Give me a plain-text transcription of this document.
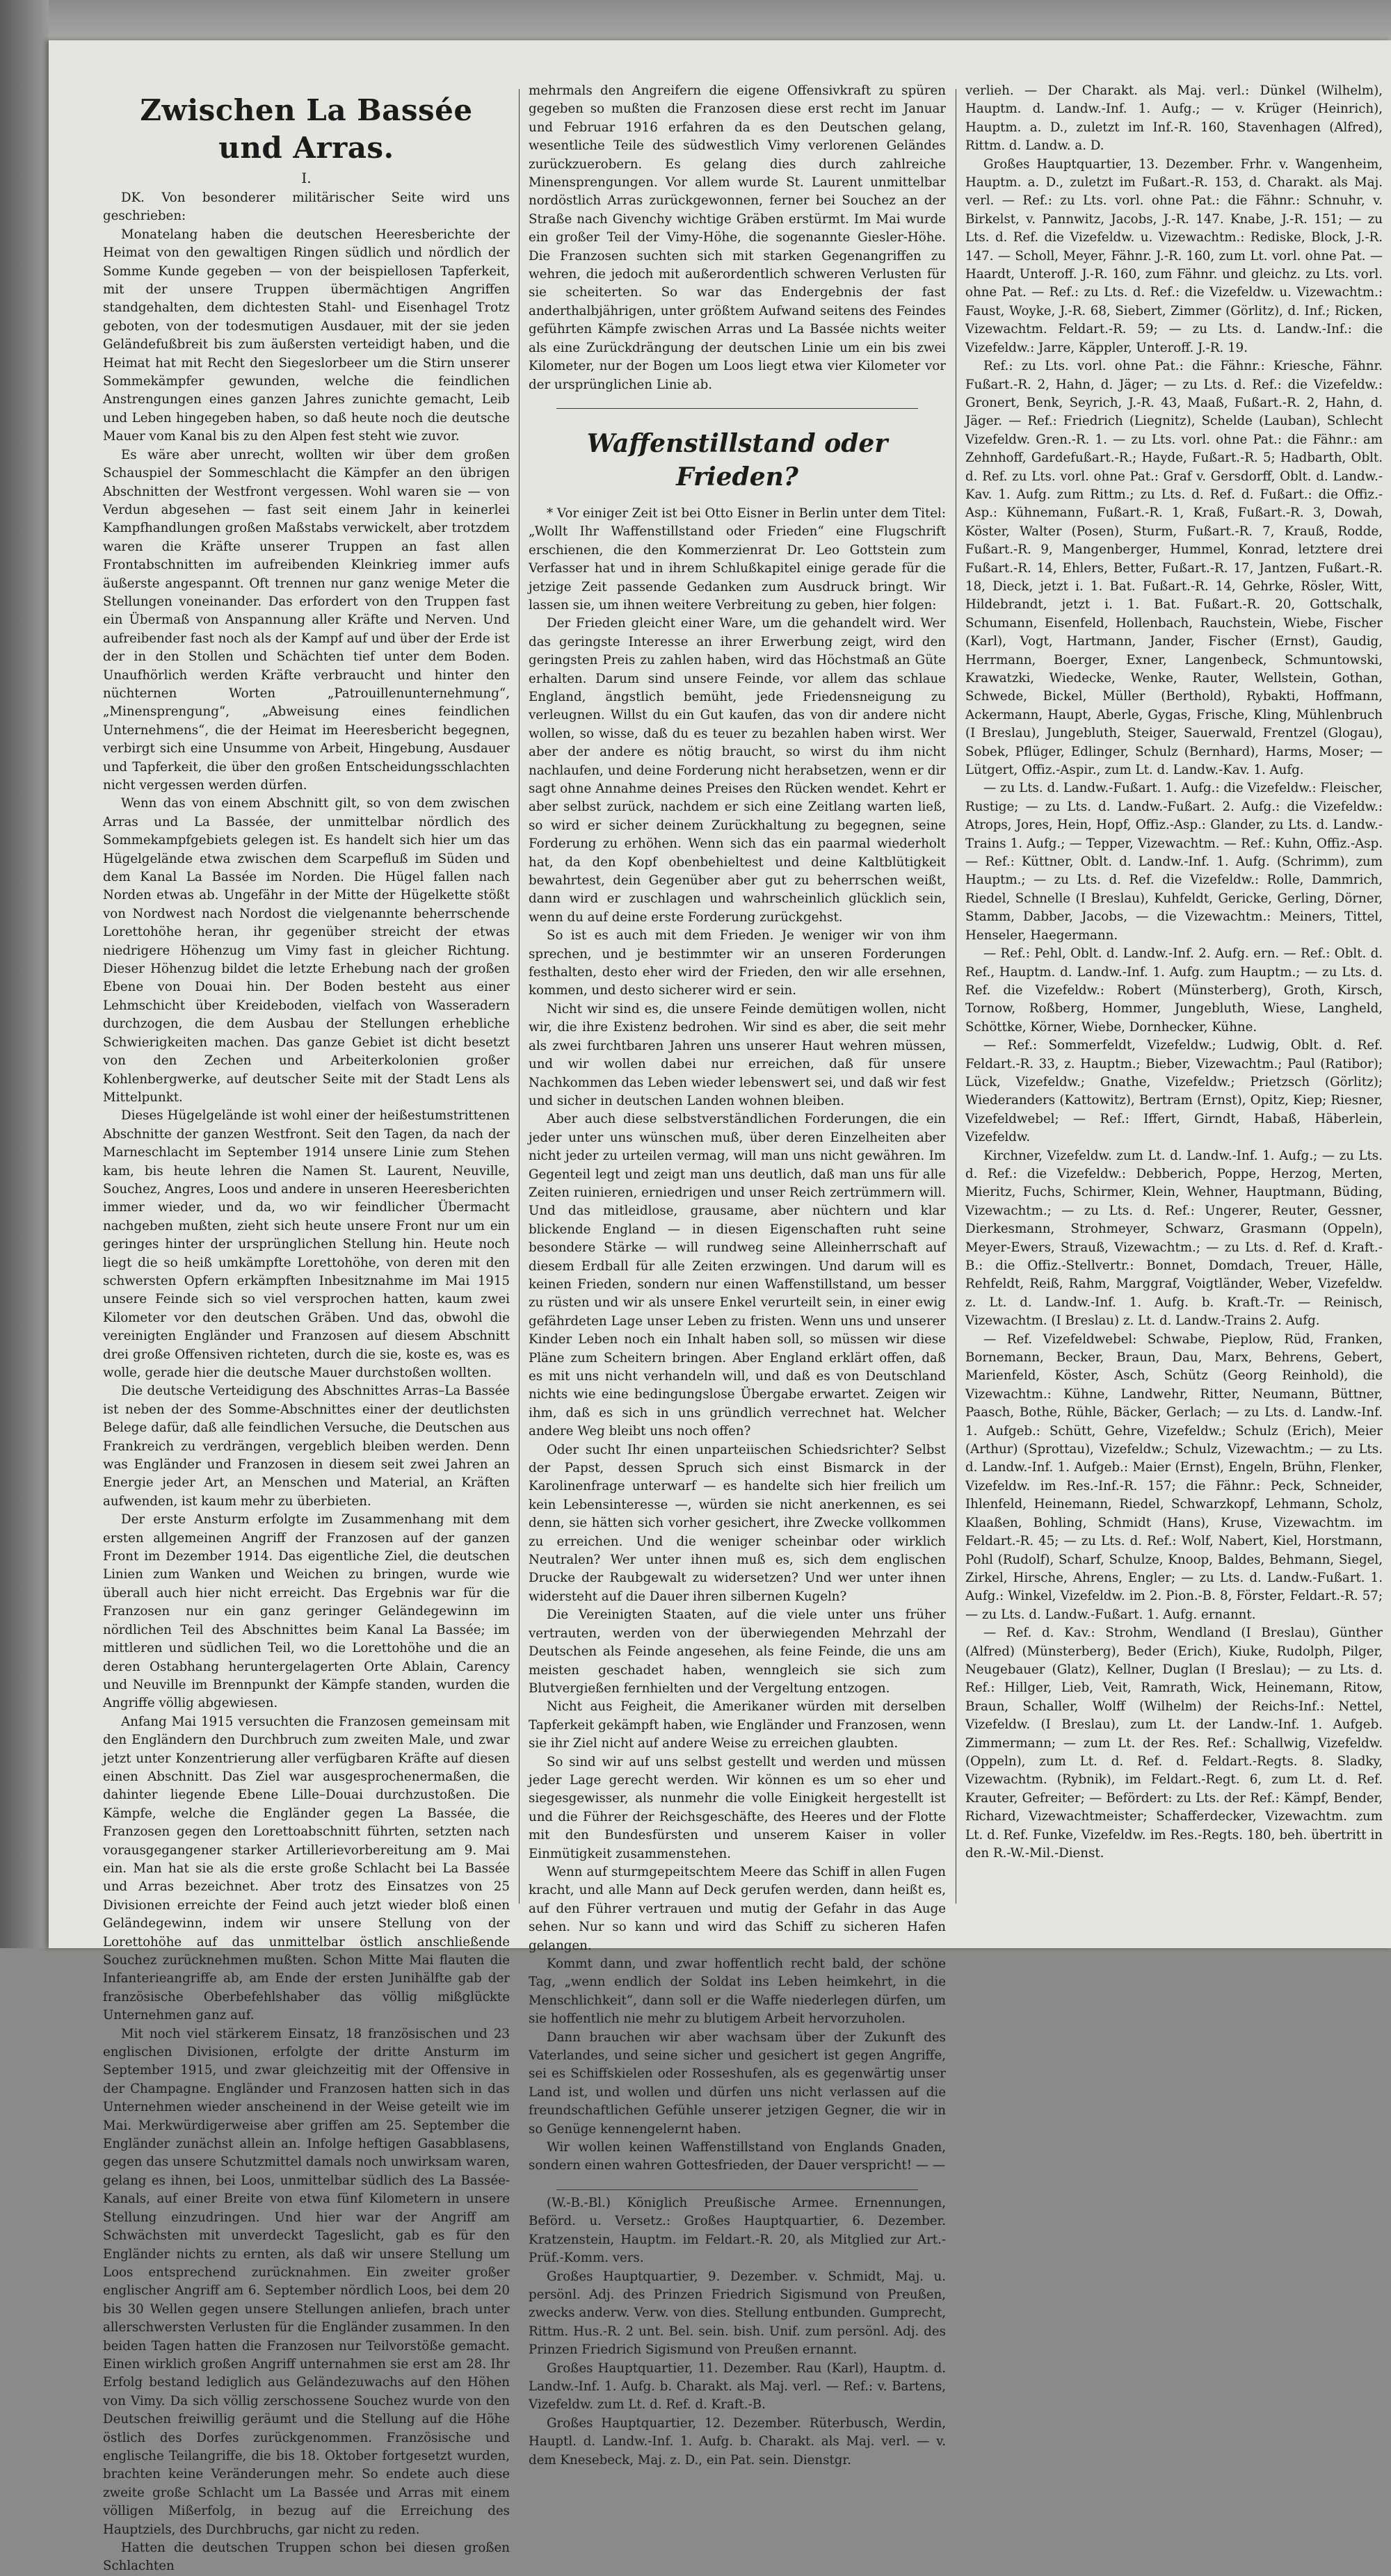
Zwischen La Bassée und Arras.
I.

DK. Von besonderer militärischer Seite wird uns geschrieben:

Monatelang haben die deutschen Heeresberichte der Heimat von den gewaltigen Ringen südlich und nördlich der Somme Kunde gegeben — von der beispiellosen Tapferkeit, mit der unsere Truppen übermächtigen Angriffen standgehalten, dem dichtesten Stahl- und Eisenhagel Trotz geboten, von der todesmutigen Ausdauer, mit der sie jeden Geländefußbreit bis zum äußersten verteidigt haben, und die Heimat hat mit Recht den Siegeslorbeer um die Stirn unserer Sommekämpfer gewunden, welche die feindlichen Anstrengungen eines ganzen Jahres zunichte gemacht, Leib und Leben hingegeben haben, so daß heute noch die deutsche Mauer vom Kanal bis zu den Alpen fest steht wie zuvor.

Es wäre aber unrecht, wollten wir über dem großen Schauspiel der Sommeschlacht die Kämpfer an den übrigen Abschnitten der Westfront vergessen. Wohl waren sie — von Verdun abgesehen — fast seit einem Jahr in keinerlei Kampfhandlungen großen Maßstabs verwickelt, aber trotzdem waren die Kräfte unserer Truppen an fast allen Frontabschnitten im aufreibenden Kleinkrieg immer aufs äußerste angespannt. Oft trennen nur ganz wenige Meter die Stellungen voneinander. Das erfordert von den Truppen fast ein Übermaß von Anspannung aller Kräfte und Nerven. Und aufreibender fast noch als der Kampf auf und über der Erde ist der in den Stollen und Schächten tief unter dem Boden. Unaufhörlich werden Kräfte verbraucht und hinter den nüchternen Worten „Patrouillenunternehmung“, „Minensprengung“, „Abweisung eines feindlichen Unternehmens“, die der Heimat im Heeresbericht begegnen, verbirgt sich eine Unsumme von Arbeit, Hingebung, Ausdauer und Tapferkeit, die über den großen Entscheidungsschlachten nicht vergessen werden dürfen.

Wenn das von einem Abschnitt gilt, so von dem zwischen Arras und La Bassée, der unmittelbar nördlich des Sommekampfgebiets gelegen ist. Es handelt sich hier um das Hügelgelände etwa zwischen dem Scarpefluß im Süden und dem Kanal La Bassée im Norden. Die Hügel fallen nach Norden etwas ab. Ungefähr in der Mitte der Hügelkette stößt von Nordwest nach Nordost die vielgenannte beherrschende Lorettohöhe heran, ihr gegenüber streicht der etwas niedrigere Höhenzug um Vimy fast in gleicher Richtung. Dieser Höhenzug bildet die letzte Erhebung nach der großen Ebene von Douai hin. Der Boden besteht aus einer Lehmschicht über Kreideboden, vielfach von Wasseradern durchzogen, die dem Ausbau der Stellungen erhebliche Schwierigkeiten machen. Das ganze Gebiet ist dicht besetzt von den Zechen und Arbeiterkolonien großer Kohlenbergwerke, auf deutscher Seite mit der Stadt Lens als Mittelpunkt.

Dieses Hügelgelände ist wohl einer der heißestumstrittenen Abschnitte der ganzen Westfront. Seit den Tagen, da nach der Marneschlacht im September 1914 unsere Linie zum Stehen kam, bis heute lehren die Namen St. Laurent, Neuville, Souchez, Angres, Loos und andere in unseren Heeresberichten immer wieder, und da, wo wir feindlicher Übermacht nachgeben mußten, zieht sich heute unsere Front nur um ein geringes hinter der ursprünglichen Stellung hin. Heute noch liegt die so heiß umkämpfte Lorettohöhe, von deren mit den schwersten Opfern erkämpften Inbesitznahme im Mai 1915 unsere Feinde sich so viel versprochen hatten, kaum zwei Kilometer vor den deutschen Gräben. Und das, obwohl die vereinigten Engländer und Franzosen auf diesem Abschnitt drei große Offensiven richteten, durch die sie, koste es, was es wolle, gerade hier die deutsche Mauer durchstoßen wollten.

Die deutsche Verteidigung des Abschnittes Arras–La Bassée ist neben der des Somme-Abschnittes einer der deutlichsten Belege dafür, daß alle feindlichen Versuche, die Deutschen aus Frankreich zu verdrängen, vergeblich bleiben werden. Denn was Engländer und Franzosen in diesem seit zwei Jahren an Energie jeder Art, an Menschen und Material, an Kräften aufwenden, ist kaum mehr zu überbieten.

Der erste Ansturm erfolgte im Zusammenhang mit dem ersten allgemeinen Angriff der Franzosen auf der ganzen Front im Dezember 1914. Das eigentliche Ziel, die deutschen Linien zum Wanken und Weichen zu bringen, wurde wie überall auch hier nicht erreicht. Das Ergebnis war für die Franzosen nur ein ganz geringer Geländegewinn im nördlichen Teil des Abschnittes beim Kanal La Bassée; im mittleren und südlichen Teil, wo die Lorettohöhe und die an deren Ostabhang heruntergelagerten Orte Ablain, Carency und Neuville im Brennpunkt der Kämpfe standen, wurden die Angriffe völlig abgewiesen.

Anfang Mai 1915 versuchten die Franzosen gemeinsam mit den Engländern den Durchbruch zum zweiten Male, und zwar jetzt unter Konzentrierung aller verfügbaren Kräfte auf diesen einen Abschnitt. Das Ziel war ausgesprochenermaßen, die dahinter liegende Ebene Lille–Douai durchzustoßen. Die Kämpfe, welche die Engländer gegen La Bassée, die Franzosen gegen den Lorettoabschnitt führten, setzten nach vorausgegangener starker Artillerievorbereitung am 9. Mai ein. Man hat sie als die erste große Schlacht bei La Bassée und Arras bezeichnet. Aber trotz des Einsatzes von 25 Divisionen erreichte der Feind auch jetzt wieder bloß einen Geländegewinn, indem wir unsere Stellung von der Lorettohöhe auf das unmittelbar östlich anschließende Souchez zurücknehmen mußten. Schon Mitte Mai flauten die Infanterieangriffe ab, am Ende der ersten Junihälfte gab der französische Oberbefehlshaber das völlig mißglückte Unternehmen ganz auf.

Mit noch viel stärkerem Einsatz, 18 französischen und 23 englischen Divisionen, erfolgte der dritte Ansturm im September 1915, und zwar gleichzeitig mit der Offensive in der Champagne. Engländer und Franzosen hatten sich in das Unternehmen wieder anscheinend in der Weise geteilt wie im Mai. Merkwürdigerweise aber griffen am 25. September die Engländer zunächst allein an. Infolge heftigen Gasabblasens, gegen das unsere Schutzmittel damals noch unwirksam waren, gelang es ihnen, bei Loos, unmittelbar südlich des La Bassée-Kanals, auf einer Breite von etwa fünf Kilometern in unsere Stellung einzudringen. Und hier war der Angriff am Schwächsten mit unverdeckt Tageslicht, gab es für den Engländer nichts zu ernten, als daß wir unsere Stellung um Loos entsprechend zurücknahmen. Ein zweiter großer englischer Angriff am 6. September nördlich Loos, bei dem 20 bis 30 Wellen gegen unsere Stellungen anliefen, brach unter allerschwersten Verlusten für die Engländer zusammen. In den beiden Tagen hatten die Franzosen nur Teilvorstöße gemacht. Einen wirklich großen Angriff unternahmen sie erst am 28. Ihr Erfolg bestand lediglich aus Geländezuwachs auf den Höhen von Vimy. Da sich völlig zerschossene Souchez wurde von den Deutschen freiwillig geräumt und die Stellung auf die Höhe östlich des Dorfes zurückgenommen. Französische und englische Teilangriffe, die bis 18. Oktober fortgesetzt wurden, brachten keine Veränderungen mehr. So endete auch diese zweite große Schlacht um La Bassée und Arras mit einem völligen Mißerfolg, in bezug auf die Erreichung des Hauptziels, des Durchbruchs, gar nicht zu reden.

Hatten die deutschen Truppen schon bei diesen großen Schlachten

mehrmals den Angreifern die eigene Offensivkraft zu spüren gegeben so mußten die Franzosen diese erst recht im Januar und Februar 1916 erfahren da es den Deutschen gelang, wesentliche Teile des südwestlich Vimy verlorenen Geländes zurückzuerobern. Es gelang dies durch zahlreiche Minensprengungen. Vor allem wurde St. Laurent unmittelbar nordöstlich Arras zurückgewonnen, ferner bei Souchez an der Straße nach Givenchy wichtige Gräben erstürmt. Im Mai wurde ein großer Teil der Vimy-Höhe, die sogenannte Giesler-Höhe. Die Franzosen suchten sich mit starken Gegenangriffen zu wehren, die jedoch mit außerordentlich schweren Verlusten für sie scheiterten. So war das Endergebnis der fast anderthalbjährigen, unter größtem Aufwand seitens des Feindes geführten Kämpfe zwischen Arras und La Bassée nichts weiter als eine Zurückdrängung der deutschen Linie um ein bis zwei Kilometer, nur der Bogen um Loos liegt etwa vier Kilometer vor der ursprünglichen Linie ab.

Waffenstillstand oder Frieden?

* Vor einiger Zeit ist bei Otto Eisner in Berlin unter dem Titel: „Wollt Ihr Waffenstillstand oder Frieden“ eine Flugschrift erschienen, die den Kommerzienrat Dr. Leo Gottstein zum Verfasser hat und in ihrem Schlußkapitel einige gerade für die jetzige Zeit passende Gedanken zum Ausdruck bringt. Wir lassen sie, um ihnen weitere Verbreitung zu geben, hier folgen:

Der Frieden gleicht einer Ware, um die gehandelt wird. Wer das geringste Interesse an ihrer Erwerbung zeigt, wird den geringsten Preis zu zahlen haben, wird das Höchstmaß an Güte erhalten. Darum sind unsere Feinde, vor allem das schlaue England, ängstlich bemüht, jede Friedensneigung zu verleugnen. Willst du ein Gut kaufen, das von dir andere nicht wollen, so wisse, daß du es teuer zu bezahlen haben wirst. Wer aber der andere es nötig braucht, so wirst du ihm nicht nachlaufen, und deine Forderung nicht herabsetzen, wenn er dir sagt ohne Annahme deines Preises den Rücken wendet. Kehrt er aber selbst zurück, nachdem er sich eine Zeitlang warten ließ, so wird er sicher deinem Zurückhaltung zu begegnen, seine Forderung zu erhöhen. Wenn sich das ein paarmal wiederholt hat, da den Kopf obenbehieltest und deine Kaltblütigkeit bewahrtest, dein Gegenüber aber gut zu beherrschen weißt, dann wird er zuschlagen und wahrscheinlich glücklich sein, wenn du auf deine erste Forderung zurückgehst.

So ist es auch mit dem Frieden. Je weniger wir von ihm sprechen, und je bestimmter wir an unseren Forderungen festhalten, desto eher wird der Frieden, den wir alle ersehnen, kommen, und desto sicherer wird er sein.

Nicht wir sind es, die unsere Feinde demütigen wollen, nicht wir, die ihre Existenz bedrohen. Wir sind es aber, die seit mehr als zwei furchtbaren Jahren uns unserer Haut wehren müssen, und wir wollen dabei nur erreichen, daß für unsere Nachkommen das Leben wieder lebenswert sei, und daß wir fest und sicher in deutschen Landen wohnen bleiben.

Aber auch diese selbstverständlichen Forderungen, die ein jeder unter uns wünschen muß, über deren Einzelheiten aber nicht jeder zu urteilen vermag, will man uns nicht gewähren. Im Gegenteil legt und zeigt man uns deutlich, daß man uns für alle Zeiten ruinieren, erniedrigen und unser Reich zertrümmern will. Und das mitleidlose, grausame, aber nüchtern und klar blickende England — in diesen Eigenschaften ruht seine besondere Stärke — will rundweg seine Alleinherrschaft auf diesem Erdball für alle Zeiten erzwingen. Und darum will es keinen Frieden, sondern nur einen Waffenstillstand, um besser zu rüsten und wir als unsere Enkel verurteilt sein, in einer ewig gefährdeten Lage unser Leben zu fristen. Wenn uns und unserer Kinder Leben noch ein Inhalt haben soll, so müssen wir diese Pläne zum Scheitern bringen. Aber England erklärt offen, daß es mit uns nicht verhandeln will, und daß es von Deutschland nichts wie eine bedingungslose Übergabe erwartet. Zeigen wir ihm, daß es sich in uns gründlich verrechnet hat. Welcher andere Weg bleibt uns noch offen?

Oder sucht Ihr einen unparteiischen Schiedsrichter? Selbst der Papst, dessen Spruch sich einst Bismarck in der Karolinenfrage unterwarf — es handelte sich hier freilich um kein Lebensinteresse —, würden sie nicht anerkennen, es sei denn, sie hätten sich vorher gesichert, ihre Zwecke vollkommen zu erreichen. Und die weniger scheinbar oder wirklich Neutralen? Wer unter ihnen muß es, sich dem englischen Drucke der Raubgewalt zu widersetzen? Und wer unter ihnen widersteht auf die Dauer ihren silbernen Kugeln?

Die Vereinigten Staaten, auf die viele unter uns früher vertrauten, werden von der überwiegenden Mehrzahl der Deutschen als Feinde angesehen, als feine Feinde, die uns am meisten geschadet haben, wenngleich sie sich zum Blutvergießen fernhielten und der Vergeltung entzogen.

Nicht aus Feigheit, die Amerikaner würden mit derselben Tapferkeit gekämpft haben, wie Engländer und Franzosen, wenn sie ihr Ziel nicht auf andere Weise zu erreichen glaubten.

So sind wir auf uns selbst gestellt und werden und müssen jeder Lage gerecht werden. Wir können es um so eher und siegesgewisser, als nunmehr die volle Einigkeit hergestellt ist und die Führer der Reichsgeschäfte, des Heeres und der Flotte mit den Bundesfürsten und unserem Kaiser in voller Einmütigkeit zusammenstehen.

Wenn auf sturmgepeitschtem Meere das Schiff in allen Fugen kracht, und alle Mann auf Deck gerufen werden, dann heißt es, auf den Führer vertrauen und mutig der Gefahr in das Auge sehen. Nur so kann und wird das Schiff zu sicheren Hafen gelangen.

Kommt dann, und zwar hoffentlich recht bald, der schöne Tag, „wenn endlich der Soldat ins Leben heimkehrt, in die Menschlichkeit“, dann soll er die Waffe niederlegen dürfen, um sie hoffentlich nie mehr zu blutigem Arbeit hervorzuholen.

Dann brauchen wir aber wachsam über der Zukunft des Vaterlandes, und seine sicher und gesichert ist gegen Angriffe, sei es Schiffskielen oder Rosseshufen, als es gegenwärtig unser Land ist, und wollen und dürfen uns nicht verlassen auf die freundschaftlichen Gefühle unserer jetzigen Gegner, die wir in so Genüge kennengelernt haben.

Wir wollen keinen Waffenstillstand von Englands Gnaden, sondern einen wahren Gottesfrieden, der Dauer verspricht! — —

(W.-B.-Bl.) Königlich Preußische Armee. Ernennungen, Beförd. u. Versetz.: Großes Hauptquartier, 6. Dezember. Kratzenstein, Hauptm. im Feldart.-R. 20, als Mitglied zur Art.-Prüf.-Komm. vers.

Großes Hauptquartier, 9. Dezember. v. Schmidt, Maj. u. persönl. Adj. des Prinzen Friedrich Sigismund von Preußen, zwecks anderw. Verw. von dies. Stellung entbunden. Gumprecht, Rittm. Hus.-R. 2 unt. Bel. sein. bish. Unif. zum persönl. Adj. des Prinzen Friedrich Sigismund von Preußen ernannt.

Großes Hauptquartier, 11. Dezember. Rau (Karl), Hauptm. d. Landw.-Inf. 1. Aufg. b. Charakt. als Maj. verl. — Ref.: v. Bartens, Vizefeldw. zum Lt. d. Ref. d. Kraft.-B.

Großes Hauptquartier, 12. Dezember. Rüterbusch, Werdin, Hauptl. d. Landw.-Inf. 1. Aufg. b. Charakt. als Maj. verl. — v. dem Knesebeck, Maj. z. D., ein Pat. sein. Dienstgr.

verlieh. — Der Charakt. als Maj. verl.: Dünkel (Wilhelm), Hauptm. d. Landw.-Inf. 1. Aufg.; — v. Krüger (Heinrich), Hauptm. a. D., zuletzt im Inf.-R. 160, Stavenhagen (Alfred), Rittm. d. Landw. a. D.

Großes Hauptquartier, 13. Dezember. Frhr. v. Wangenheim, Hauptm. a. D., zuletzt im Fußart.-R. 153, d. Charakt. als Maj. verl. — Ref.: zu Lts. vorl. ohne Pat.: die Fähnr.: Schnuhr, v. Birkelst, v. Pannwitz, Jacobs, J.-R. 147. Knabe, J.-R. 151; — zu Lts. d. Ref. die Vizefeldw. u. Vizewachtm.: Rediske, Block, J.-R. 147. — Scholl, Meyer, Fähnr. J.-R. 160, zum Lt. vorl. ohne Pat. — Haardt, Unteroff. J.-R. 160, zum Fähnr. und gleichz. zu Lts. vorl. ohne Pat. — Ref.: zu Lts. d. Ref.: die Vizefeldw. u. Vizewachtm.: Faust, Woyke, J.-R. 68, Siebert, Zimmer (Görlitz), d. Inf.; Ricken, Vizewachtm. Feldart.-R. 59; — zu Lts. d. Landw.-Inf.: die Vizefeldw.: Jarre, Käppler, Unteroff. J.-R. 19.

Ref.: zu Lts. vorl. ohne Pat.: die Fähnr.: Kriesche, Fähnr. Fußart.-R. 2, Hahn, d. Jäger; — zu Lts. d. Ref.: die Vizefeldw.: Gronert, Benk, Seyrich, J.-R. 43, Maaß, Fußart.-R. 2, Hahn, d. Jäger. — Ref.: Friedrich (Liegnitz), Schelde (Lauban), Schlecht Vizefeldw. Gren.-R. 1. — zu Lts. vorl. ohne Pat.: die Fähnr.: am Zehnhoff, Gardefußart.-R.; Hayde, Fußart.-R. 5; Hadbarth, Oblt. d. Ref. zu Lts. vorl. ohne Pat.: Graf v. Gersdorff, Oblt. d. Landw.-Kav. 1. Aufg. zum Rittm.; zu Lts. d. Ref. d. Fußart.: die Offiz.-Asp.: Kühnemann, Fußart.-R. 1, Kraß, Fußart.-R. 3, Dowah, Köster, Walter (Posen), Sturm, Fußart.-R. 7, Krauß, Rodde, Fußart.-R. 9, Mangenberger, Hummel, Konrad, letztere drei Fußart.-R. 14, Ehlers, Better, Fußart.-R. 17, Jantzen, Fußart.-R. 18, Dieck, jetzt i. 1. Bat. Fußart.-R. 14, Gehrke, Rösler, Witt, Hildebrandt, jetzt i. 1. Bat. Fußart.-R. 20, Gottschalk, Schumann, Eisenfeld, Hollenbach, Rauchstein, Wiebe, Fischer (Karl), Vogt, Hartmann, Jander, Fischer (Ernst), Gaudig, Herrmann, Boerger, Exner, Langenbeck, Schmuntowski, Krawatzki, Wiedecke, Wenke, Rauter, Wellstein, Gothan, Schwede, Bickel, Müller (Berthold), Rybakti, Hoffmann, Ackermann, Haupt, Aberle, Gygas, Frische, Kling, Mühlenbruch (I Breslau), Jungebluth, Steiger, Sauerwald, Frentzel (Glogau), Sobek, Pflüger, Edlinger, Schulz (Bernhard), Harms, Moser; — Lütgert, Offiz.-Aspir., zum Lt. d. Landw.-Kav. 1. Aufg.

— zu Lts. d. Landw.-Fußart. 1. Aufg.: die Vizefeldw.: Fleischer, Rustige; — zu Lts. d. Landw.-Fußart. 2. Aufg.: die Vizefeldw.: Atrops, Jores, Hein, Hopf, Offiz.-Asp.: Glander, zu Lts. d. Landw.-Trains 1. Aufg.; — Tepper, Vizewachtm. — Ref.: Kuhn, Offiz.-Asp. — Ref.: Küttner, Oblt. d. Landw.-Inf. 1. Aufg. (Schrimm), zum Hauptm.; — zu Lts. d. Ref. die Vizefeldw.: Rolle, Dammrich, Riedel, Schnelle (I Breslau), Kuhfeldt, Gericke, Gerling, Dörner, Stamm, Dabber, Jacobs, — die Vizewachtm.: Meiners, Tittel, Henseler, Haegermann.

— Ref.: Pehl, Oblt. d. Landw.-Inf. 2. Aufg. ern. — Ref.: Oblt. d. Ref., Hauptm. d. Landw.-Inf. 1. Aufg. zum Hauptm.; — zu Lts. d. Ref. die Vizefeldw.: Robert (Münsterberg), Groth, Kirsch, Tornow, Roßberg, Hommer, Jungebluth, Wiese, Langheld, Schöttke, Körner, Wiebe, Dornhecker, Kühne.

— Ref.: Sommerfeldt, Vizefeldw.; Ludwig, Oblt. d. Ref. Feldart.-R. 33, z. Hauptm.; Bieber, Vizewachtm.; Paul (Ratibor); Lück, Vizefeldw.; Gnathe, Vizefeldw.; Prietzsch (Görlitz); Wiederanders (Kattowitz), Bertram (Ernst), Opitz, Kiep; Riesner, Vizefeldwebel; — Ref.: Iffert, Girndt, Habaß, Häberlein, Vizefeldw.

Kirchner, Vizefeldw. zum Lt. d. Landw.-Inf. 1. Aufg.; — zu Lts. d. Ref.: die Vizefeldw.: Debberich, Poppe, Herzog, Merten, Mieritz, Fuchs, Schirmer, Klein, Wehner, Hauptmann, Büding, Vizewachtm.; — zu Lts. d. Ref.: Ungerer, Reuter, Gessner, Dierkesmann, Strohmeyer, Schwarz, Grasmann (Oppeln), Meyer-Ewers, Strauß, Vizewachtm.; — zu Lts. d. Ref. d. Kraft.-B.: die Offiz.-Stellvertr.: Bonnet, Domdach, Treuer, Hälle, Rehfeldt, Reiß, Rahm, Marggraf, Voigtländer, Weber, Vizefeldw. z. Lt. d. Landw.-Inf. 1. Aufg. b. Kraft.-Tr. — Reinisch, Vizewachtm. (I Breslau) z. Lt. d. Landw.-Trains 2. Aufg.

— Ref. Vizefeldwebel: Schwabe, Pieplow, Rüd, Franken, Bornemann, Becker, Braun, Dau, Marx, Behrens, Gebert, Marienfeld, Köster, Asch, Schütz (Georg Reinhold), die Vizewachtm.: Kühne, Landwehr, Ritter, Neumann, Büttner, Paasch, Bothe, Rühle, Bäcker, Gerlach; — zu Lts. d. Landw.-Inf. 1. Aufgeb.: Schütt, Gehre, Vizefeldw.; Schulz (Erich), Meier (Arthur) (Sprottau), Vizefeldw.; Schulz, Vizewachtm.; — zu Lts. d. Landw.-Inf. 1. Aufgeb.: Maier (Ernst), Engeln, Brühn, Flenker, Vizefeldw. im Res.-Inf.-R. 157; die Fähnr.: Peck, Schneider, Ihlenfeld, Heinemann, Riedel, Schwarzkopf, Lehmann, Scholz, Klaaßen, Bohling, Schmidt (Hans), Kruse, Vizewachtm. im Feldart.-R. 45; — zu Lts. d. Ref.: Wolf, Nabert, Kiel, Horstmann, Pohl (Rudolf), Scharf, Schulze, Knoop, Baldes, Behmann, Siegel, Zirkel, Hirsche, Ahrens, Engler; — zu Lts. d. Landw.-Fußart. 1. Aufg.: Winkel, Vizefeldw. im 2. Pion.-B. 8, Förster, Feldart.-R. 57; — zu Lts. d. Landw.-Fußart. 1. Aufg. ernannt.

— Ref. d. Kav.: Strohm, Wendland (I Breslau), Günther (Alfred) (Münsterberg), Beder (Erich), Kiuke, Rudolph, Pilger, Neugebauer (Glatz), Kellner, Duglan (I Breslau); — zu Lts. d. Ref.: Hillger, Lieb, Veit, Ramrath, Wick, Heinemann, Ritow, Braun, Schaller, Wolff (Wilhelm) der Reichs-Inf.: Nettel, Vizefeldw. (I Breslau), zum Lt. der Landw.-Inf. 1. Aufgeb. Zimmermann; — zum Lt. der Res. Ref.: Schallwig, Vizefeldw. (Oppeln), zum Lt. d. Ref. d. Feldart.-Regts. 8. Sladky, Vizewachtm. (Rybnik), im Feldart.-Regt. 6, zum Lt. d. Ref. Krauter, Gefreiter; — Befördert: zu Lts. der Ref.: Kämpf, Bender, Richard, Vizewachtmeister; Schafferdecker, Vizewachtm. zum Lt. d. Ref. Funke, Vizefeldw. im Res.-Regts. 180, beh. übertritt in den R.-W.-Mil.-Dienst.
